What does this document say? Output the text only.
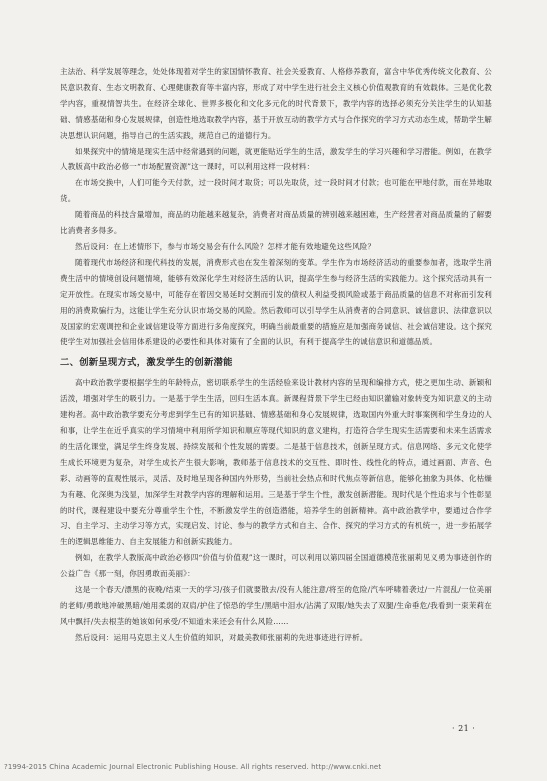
主法治、科学发展等理念，处处体现着对学生的家国情怀教育、社会关爱教育、人格修养教育，富含中华优秀传统文化教育、公民意识教育、生态文明教育、心理健康教育等丰富内容，形成了对中学生进行社会主义核心价值观教育的有效载体。三是优化教学内容，重视情智共生。在经济全球化、世界多极化和文化多元化的时代背景下，教学内容的选择必须充分关注学生的认知基础、情感基础和身心发展规律，创造性地选取教学内容，基于开放互动的教学方式与合作探究的学习方式动态生成，帮助学生解决思想认识问题，指导自己的生活实践，规范自己的道德行为。

如果探究中的情境是现实生活中经常遇到的问题，就更能贴近学生的生活，激发学生的学习兴趣和学习潜能。例如，在教学人教版高中政治必修一“市场配置资源”这一课时，可以利用这样一段材料：

在市场交换中，人们可能今天付款，过一段时间才取货；可以先取货，过一段时间才付款；也可能在甲地付款，而在异地取货。

随着商品的科技含量增加，商品的功能越来越复杂，消费者对商品质量的辨别越来越困难，生产经营者对商品质量的了解要比消费者多得多。

然后设问：在上述情形下，参与市场交易会有什么风险？怎样才能有效地避免这些风险？

随着现代市场经济和现代科技的发展，消费形式也在发生着深刻的变革。学生作为市场经济活动的重要参加者，选取学生消费生活中的情境创设问题情境，能够有效深化学生对经济生活的认识，提高学生参与经济生活的实践能力。这个探究活动具有一定开放性。在现实市场交易中，可能存在着因交易延时交割而引发的债权人利益受损风险或基于商品质量的信息不对称而引发利用的消费欺骗行为，这能让学生充分认识市场交易的风险。然后教师可以引导学生从消费者的合同意识、诚信意识、法律意识以及国家的宏观调控和企业诚信建设等方面进行多角度探究，明确当前最重要的措施应是加强商务诚信、社会诚信建设。这个探究使学生对加强社会信用体系建设的必要性和具体对策有了全面的认识，有利于提高学生的诚信意识和道德品质。

二、创新呈现方式，激发学生的创新潜能

高中政治教学要根据学生的年龄特点，密切联系学生的生活经验来设计教材内容的呈现和编排方式，使之更加生动、新颖和活泼，增强对学生的吸引力。一是基于学生生活，回归生活本真。新课程背景下学生已经由知识灌输对象转变为知识意义的主动建构者。高中政治教学要充分考虑到学生已有的知识基础、情感基础和身心发展规律，选取国内外重大时事案例和学生身边的人和事，让学生在近乎真实的学习情境中利用所学知识和顺应等现代知识的意义建构，打造符合学生现实生活需要和未来生活需求的生活化课堂，满足学生终身发展、持续发展和个性发展的需要。二是基于信息技术，创新呈现方式。信息网络、多元文化使学生成长环境更为复杂，对学生成长产生很大影响，教师基于信息技术的交互性、即时性、线性化的特点，通过画面、声音、色彩、动画等的直观性展示，灵活、及时地呈现各种国内外形势，当前社会热点和时代焦点等新信息，能够化抽象为具体、化枯燥为有趣、化深奥为浅显，加深学生对教学内容的理解和运用。三是基于学生个性，激发创新潜能。现时代是个性追求与个性彰显的时代，课程建设中要充分尊重学生个性，不断激发学生的创造潜能，培养学生的创新精神。高中政治教学中，要通过合作学习、自主学习、主动学习等方式，实现启发、讨论、参与的教学方式和自主、合作、探究的学习方式的有机统一，进一步拓展学生的逻辑思维能力、自主发展能力和创新实践能力。

例如，在教学人教版高中政治必修四“价值与价值观”这一课时，可以利用以第四届全国道德模范张丽莉见义勇为事迹创作的公益广告《那一刻，你因勇敢而美丽》：

这是一个春天/漂黑的夜晚/结束一天的学习/孩子们就要散去/没有人能注意/将至的危险/汽车呼啸着袭过/一片混乱/一位美丽的老师/勇敢地冲破黑暗/她用柔弱的双肩/护住了惊恐的学生/黑暗中泪水/沾满了双眼/她失去了双腿/生命垂危/我看到一束茉莉在风中飘扦/失去根茎的她该如何承受/不知道未来还会有什么风险……

然后设问：运用马克思主义人生价值的知识，对最美教师张丽莉的先进事迹进行评析。

· 21 ·
?1994-2015 China Academic Journal Electronic Publishing House. All rights reserved. http://www.cnki.net
